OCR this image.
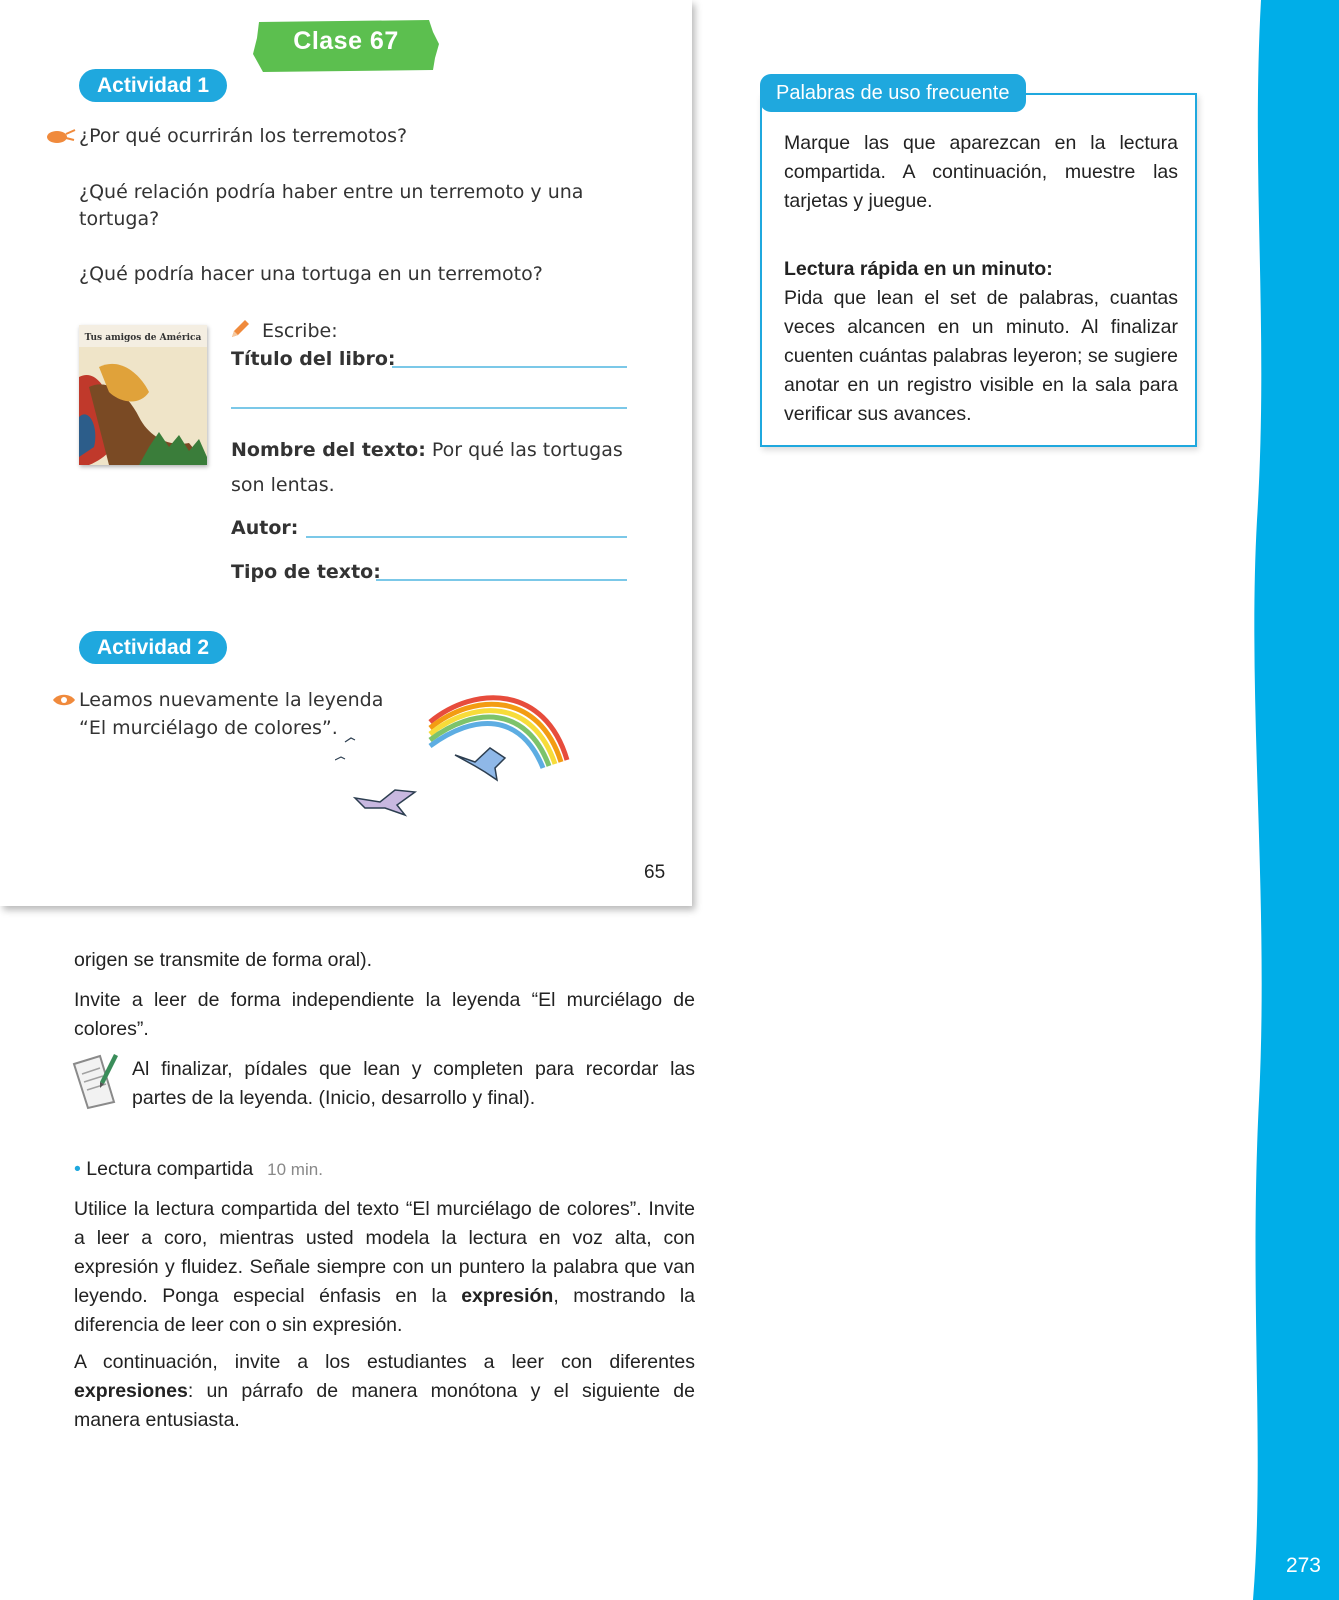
273
Clase 67
Actividad 1
¿Por qué ocurrirán los terremotos?
¿Qué relación podría haber entre un terremoto y una
tortuga?
¿Qué podría hacer una tortuga en un terremoto?
Tus amigos de América	Escribe:
Título del libro:
Nombre del texto: Por qué las tortugas
son lentas.
Autor:
Tipo de texto:
Actividad 2
Leamos nuevamente la leyenda
“El murciélago de colores”.
65
Marque las que aparezcan en la lectura compartida. A continuación, muestre las tarjetas y juegue.
Lectura rápida en un minuto:
Pida que lean el set de palabras, cuantas veces alcancen en un minuto. Al finalizar cuenten cuántas palabras leyeron; se sugiere anotar en un registro visible en la sala para verificar sus avances.
Palabras de uso frecuente
origen se transmite de forma oral).
Invite a leer de forma independiente la leyenda “El murciélago de colores”.
Al finalizar, pídales que lean y completen para recordar las partes de la leyenda. (Inicio, desarrollo y final).
• Lectura compartida 10 min.
Utilice la lectura compartida del texto “El murciélago de colores”. Invite a leer a coro, mientras usted modela la lectura en voz alta, con expresión y fluidez. Señale siempre con un puntero la palabra que van leyendo. Ponga especial énfasis en la expresión, mostrando la diferencia de leer con o sin expresión.
A continuación, invite a los estudiantes a leer con diferentes expresiones: un párrafo de manera monótona y el siguiente de manera entusiasta.
